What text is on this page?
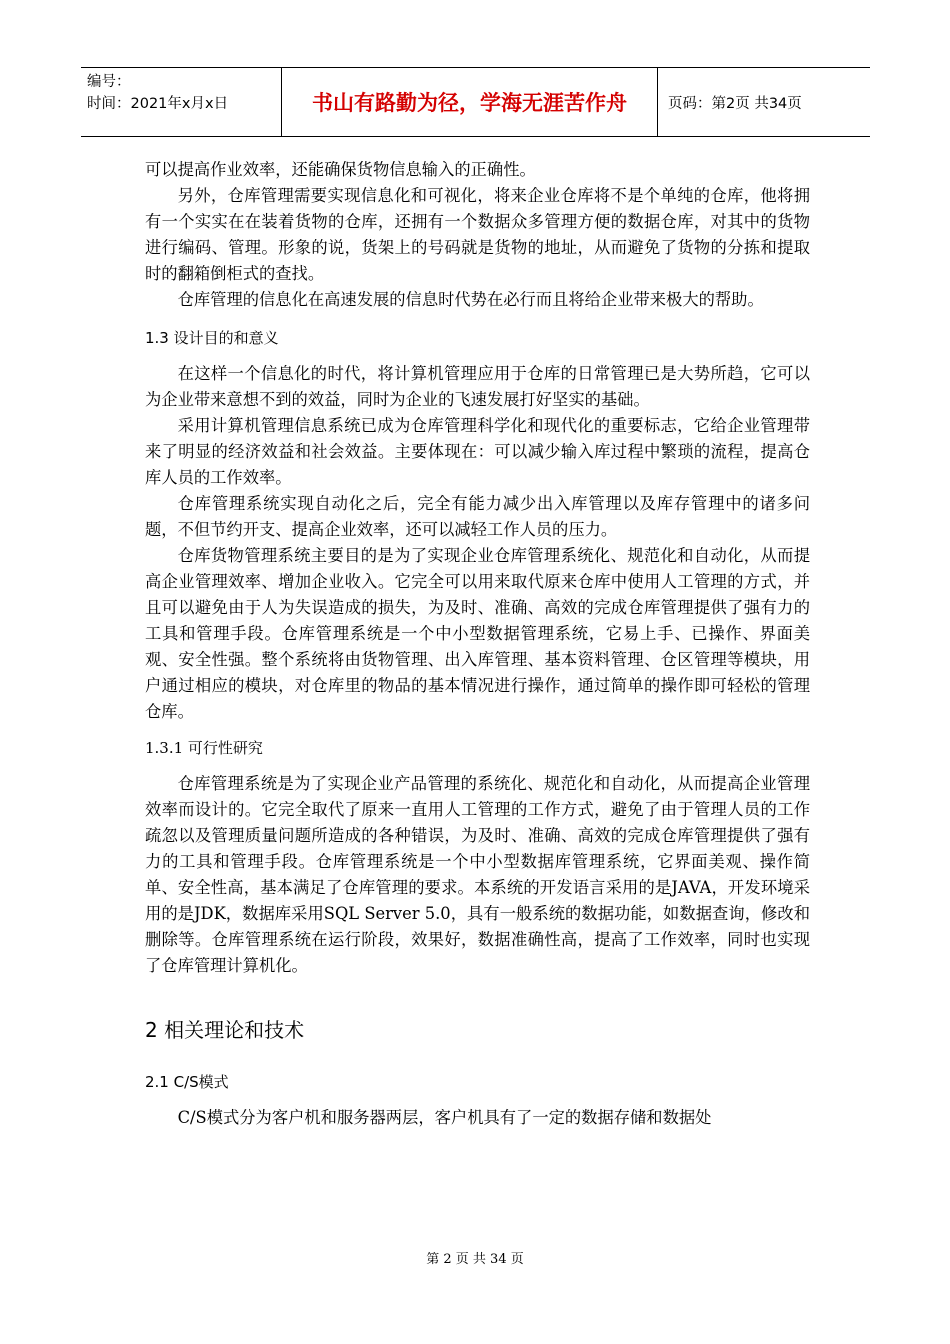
编号：
时间：2021年x月x日	书山有路勤为径，学海无涯苦作舟	页码：第2页 共34页

可以提高作业效率，还能确保货物信息输入的正确性。

另外，仓库管理需要实现信息化和可视化，将来企业仓库将不是个单纯的仓库，他将拥有一个实实在在装着货物的仓库，还拥有一个数据众多管理方便的数据仓库，对其中的货物进行编码、管理。形象的说，货架上的号码就是货物的地址，从而避免了货物的分拣和提取时的翻箱倒柜式的查找。

仓库管理的信息化在高速发展的信息时代势在必行而且将给企业带来极大的帮助。

1.3 设计目的和意义

在这样一个信息化的时代，将计算机管理应用于仓库的日常管理已是大势所趋，它可以为企业带来意想不到的效益，同时为企业的飞速发展打好坚实的基础。

采用计算机管理信息系统已成为仓库管理科学化和现代化的重要标志，它给企业管理带来了明显的经济效益和社会效益。主要体现在：可以减少输入库过程中繁琐的流程，提高仓库人员的工作效率。

仓库管理系统实现自动化之后，完全有能力减少出入库管理以及库存管理中的诸多问题，不但节约开支、提高企业效率，还可以减轻工作人员的压力。

仓库货物管理系统主要目的是为了实现企业仓库管理系统化、规范化和自动化，从而提高企业管理效率、增加企业收入。它完全可以用来取代原来仓库中使用人工管理的方式，并且可以避免由于人为失误造成的损失，为及时、准确、高效的完成仓库管理提供了强有力的工具和管理手段。仓库管理系统是一个中小型数据管理系统，它易上手、已操作、界面美观、安全性强。整个系统将由货物管理、出入库管理、基本资料管理、仓区管理等模块，用户通过相应的模块，对仓库里的物品的基本情况进行操作，通过简单的操作即可轻松的管理仓库。

1.3.1 可行性研究

仓库管理系统是为了实现企业产品管理的系统化、规范化和自动化，从而提高企业管理效率而设计的。它完全取代了原来一直用人工管理的工作方式，避免了由于管理人员的工作疏忽以及管理质量问题所造成的各种错误，为及时、准确、高效的完成仓库管理提供了强有力的工具和管理手段。仓库管理系统是一个中小型数据库管理系统，它界面美观、操作简单、安全性高，基本满足了仓库管理的要求。本系统的开发语言采用的是JAVA，开发环境采用的是JDK，数据库采用SQL Server 5.0，具有一般系统的数据功能，如数据查询，修改和删除等。仓库管理系统在运行阶段，效果好，数据准确性高，提高了工作效率，同时也实现了仓库管理计算机化。

2 相关理论和技术
2.1 C/S模式

C/S模式分为客户机和服务器两层，客户机具有了一定的数据存储和数据处

第 2 页 共 34 页
